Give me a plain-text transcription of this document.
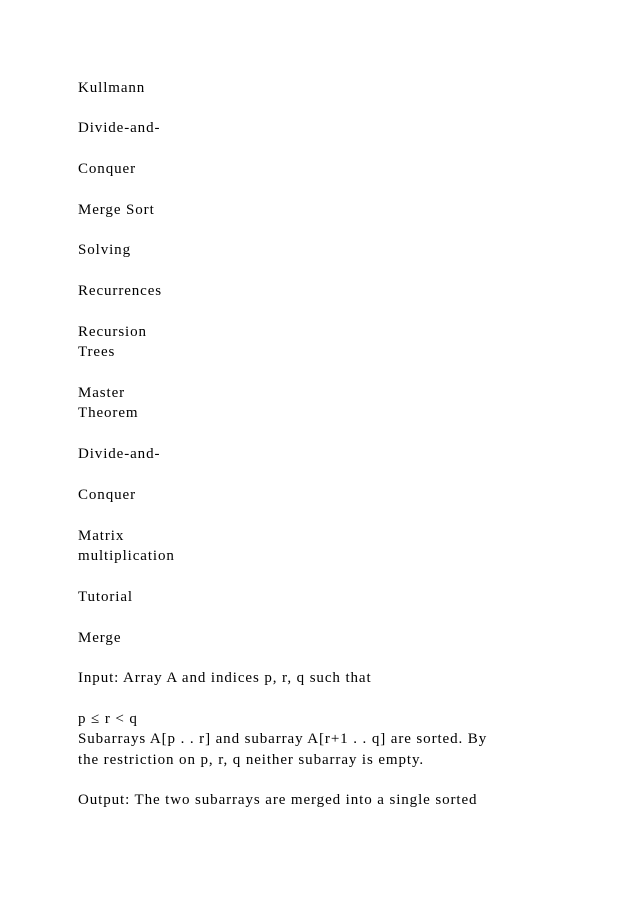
Kullmann
Divide-and-
Conquer
Merge Sort
Solving
Recurrences
Recursion
Trees
Master
Theorem
Divide-and-
Conquer
Matrix
multiplication
Tutorial
Merge
Input: Array A and indices p, r, q such that
p ≤ r < q
Subarrays A[p . . r] and subarray A[r+1 . . q] are sorted. By
the restriction on p, r, q neither subarray is empty.
Output: The two subarrays are merged into a single sorted
